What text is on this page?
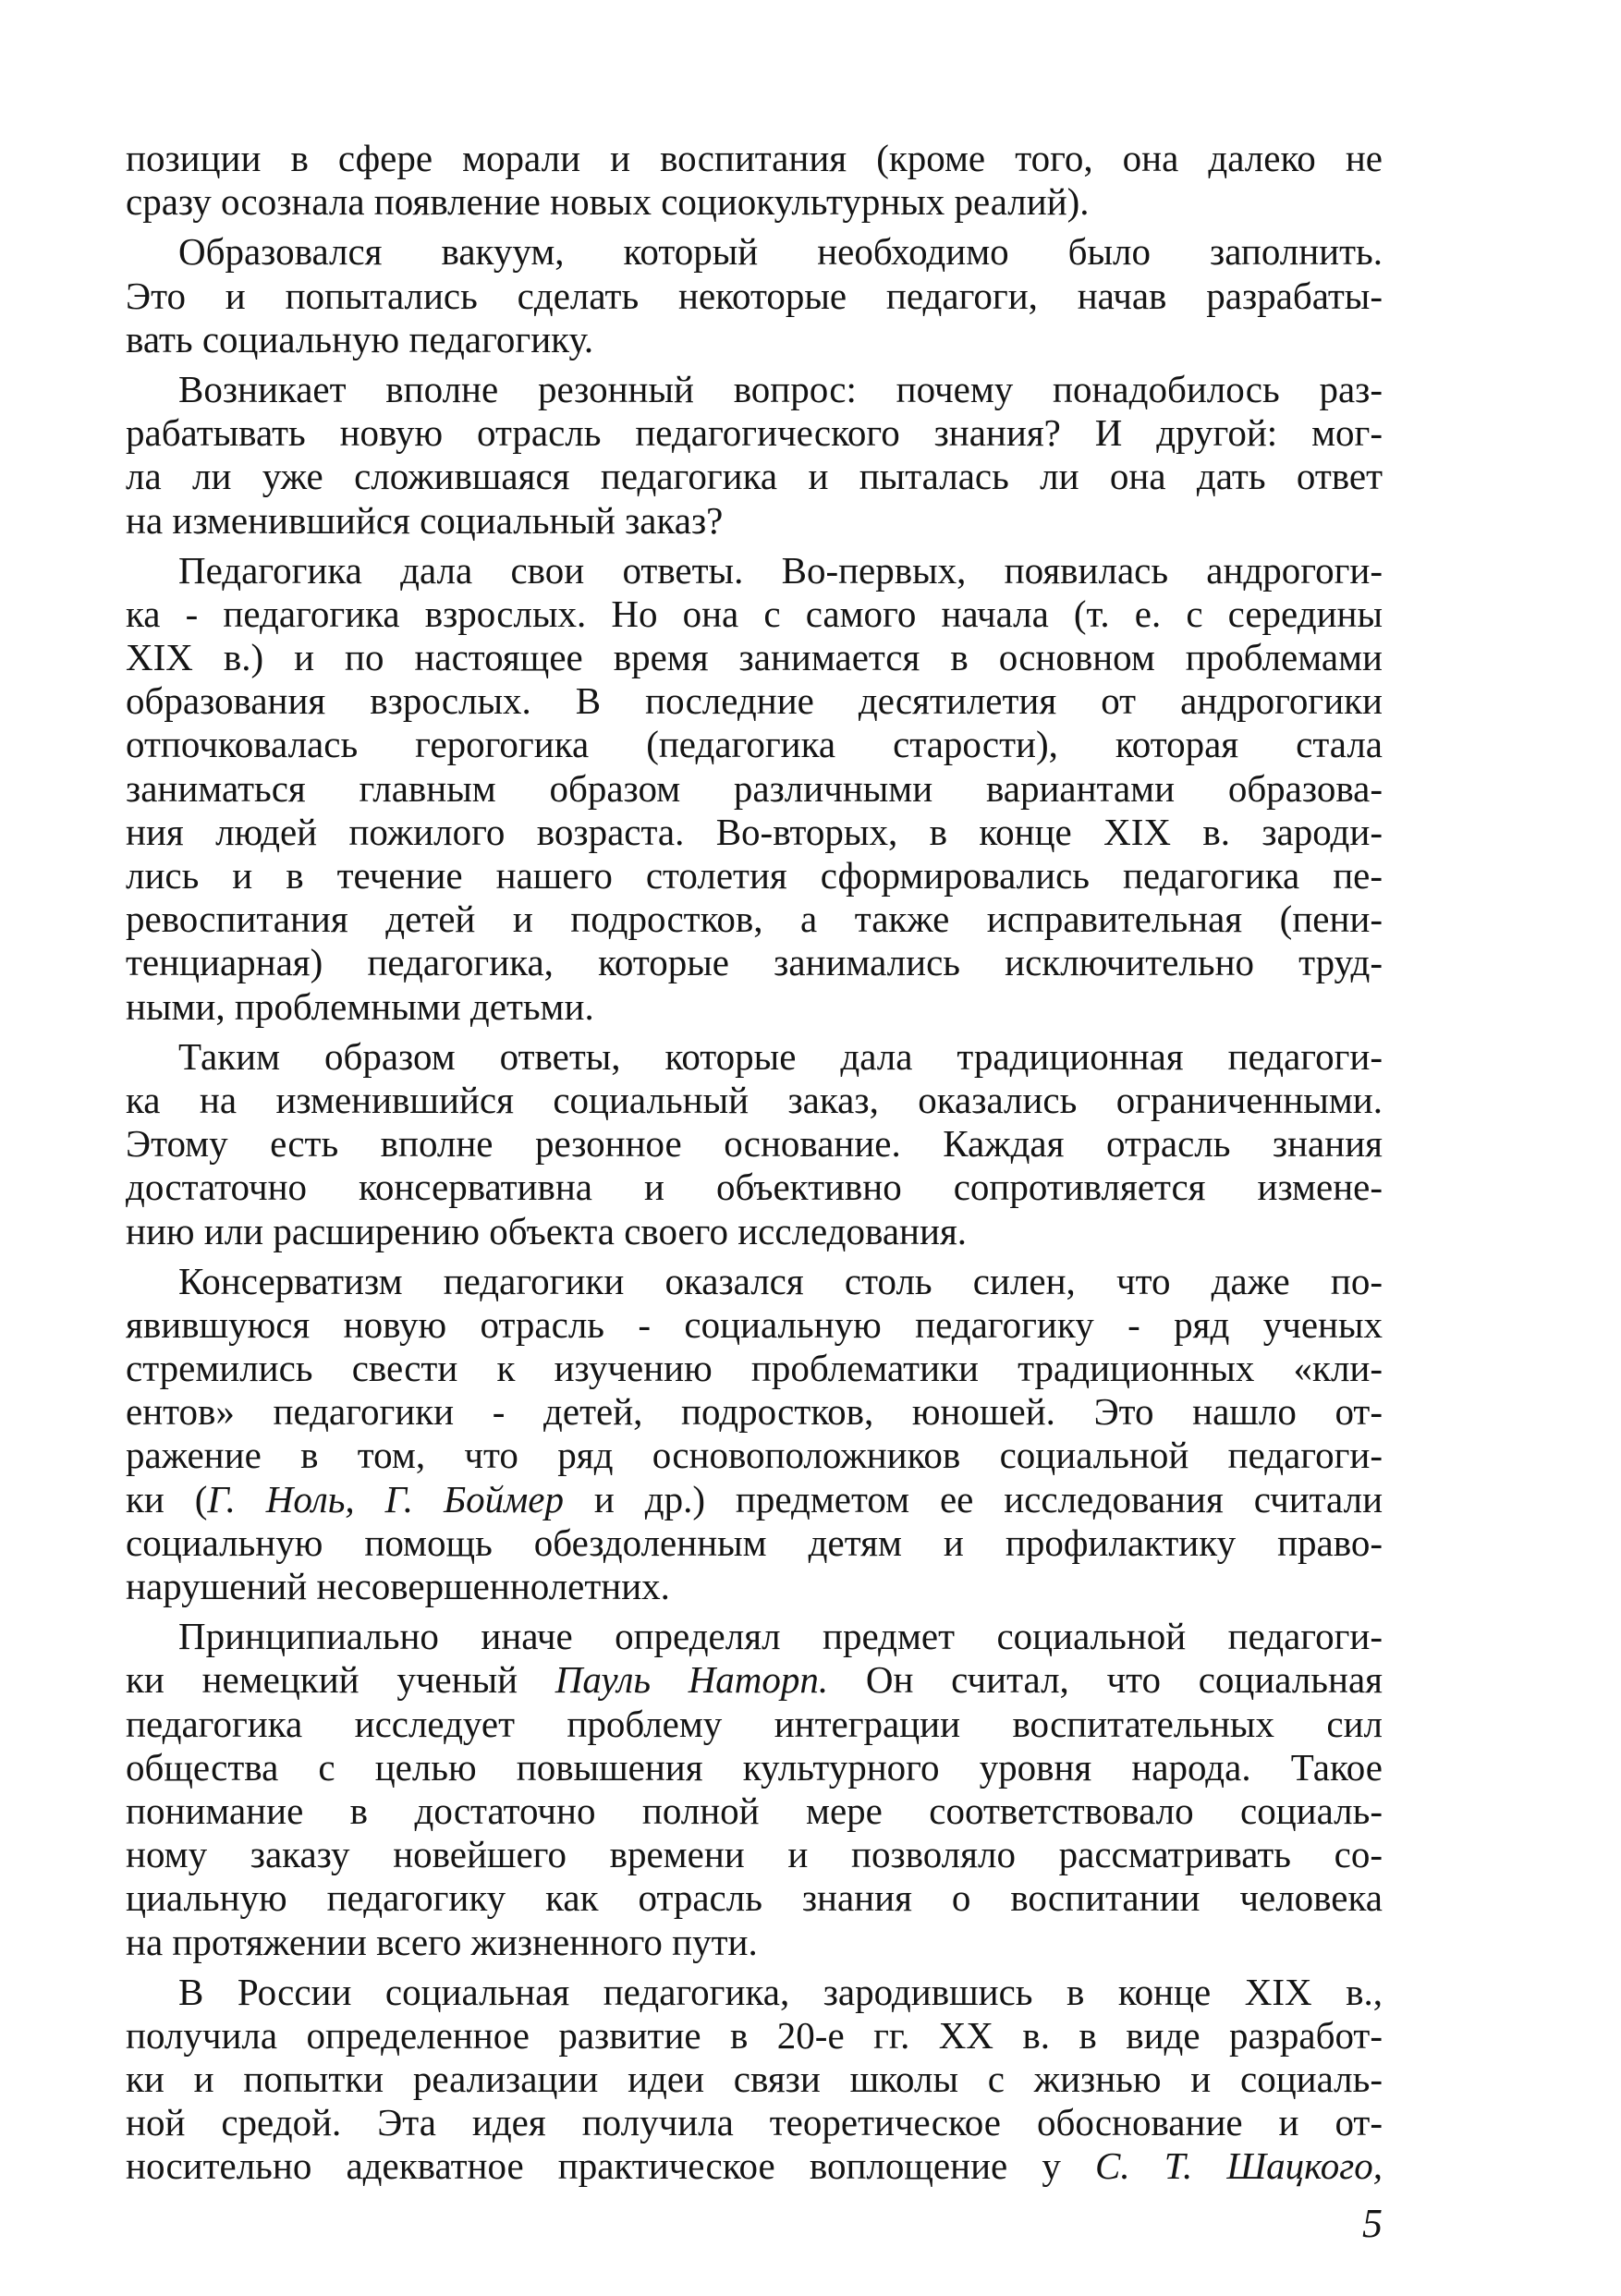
позиции в сфере морали и воспитания (кроме того, она далеко не
сразу осознала появление новых социокультурных реалий).
Образовался вакуум, который необходимо было заполнить.
Это и попытались сделать некоторые педагоги, начав разрабаты-
вать социальную педагогику.
Возникает вполне резонный вопрос: почему понадобилось раз-
рабатывать новую отрасль педагогического знания? И другой: мог-
ла ли уже сложившаяся педагогика и пыталась ли она дать ответ
на изменившийся социальный заказ?
Педагогика дала свои ответы. Во-первых, появилась андрогоги-
ка - педагогика взрослых. Но она с самого начала (т. е. с середины
XIX в.) и по настоящее время занимается в основном проблемами
образования взрослых. В последние десятилетия от андрогогики
отпочковалась герогогика (педагогика старости), которая стала
заниматься главным образом различными вариантами образова-
ния людей пожилого возраста. Во-вторых, в конце XIX в. зароди-
лись и в течение нашего столетия сформировались педагогика пе-
ревоспитания детей и подростков, а также исправительная (пени-
тенциарная) педагогика, которые занимались исключительно труд-
ными, проблемными детьми.
Таким образом ответы, которые дала традиционная педагоги-
ка на изменившийся социальный заказ, оказались ограниченными.
Этому есть вполне резонное основание. Каждая отрасль знания
достаточно консервативна и объективно сопротивляется измене-
нию или расширению объекта своего исследования.
Консерватизм педагогики оказался столь силен, что даже по-
явившуюся новую отрасль - социальную педагогику - ряд ученых
стремились свести к изучению проблематики традиционных «кли-
ентов» педагогики - детей, подростков, юношей. Это нашло от-
ражение в том, что ряд основоположников социальной педагоги-
ки (Г. Ноль, Г. Боймер и др.) предметом ее исследования считали
социальную помощь обездоленным детям и профилактику право-
нарушений несовершеннолетних.
Принципиально иначе определял предмет социальной педагоги-
ки немецкий ученый Пауль Наторп. Он считал, что социальная
педагогика исследует проблему интеграции воспитательных сил
общества с целью повышения культурного уровня народа. Такое
понимание в достаточно полной мере соответствовало социаль-
ному заказу новейшего времени и позволяло рассматривать со-
циальную педагогику как отрасль знания о воспитании человека
на протяжении всего жизненного пути.
В России социальная педагогика, зародившись в конце XIX в.,
получила определенное развитие в 20-е гг. XX в. в виде разработ-
ки и попытки реализации идеи связи школы с жизнью и социаль-
ной средой. Эта идея получила теоретическое обоснование и от-
носительно адекватное практическое воплощение у С. Т. Шацкого,
5
